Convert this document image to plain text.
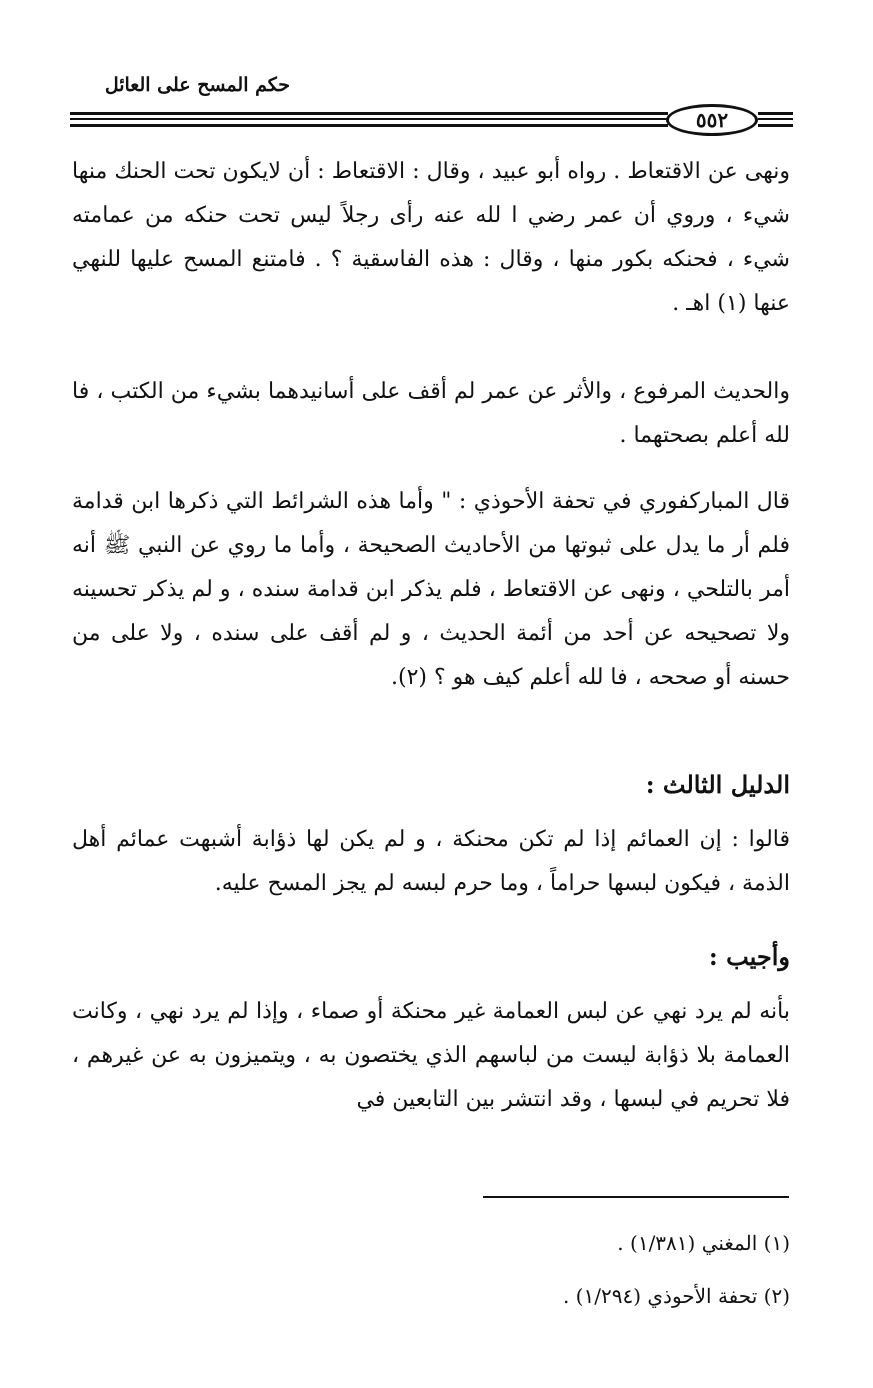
حكم المسح على العائل
٥٥٢

ونهى عن الاقتعاط . رواه أبو عبيد ، وقال : الاقتعاط : أن لايكون تحت الحنك منها شيء ، وروي أن عمر رضي ا لله عنه رأى رجلاً ليس تحت حنكه من عمامته شيء ، فحنكه بكور منها ، وقال : هذه الفاسقية ؟ . فامتنع المسح عليها للنهي عنها (١) اهـ .

والحديث المرفوع ، والأثر عن عمر لم أقف على أسانيدهما بشيء من الكتب ، فا لله أعلم بصحتهما .

قال المباركفوري في تحفة الأحوذي : " وأما هذه الشرائط التي ذكرها ابن قدامة فلم أر ما يدل على ثبوتها من الأحاديث الصحيحة ، وأما ما روي عن النبي ﷺ أنه أمر بالتلحي ، ونهى عن الاقتعاط ، فلم يذكر ابن قدامة سنده ، و لم يذكر تحسينه ولا تصحيحه عن أحد من أئمة الحديث ، و لم أقف على سنده ، ولا على من حسنه أو صححه ، فا لله أعلم كيف هو ؟ (٢).

الدليل الثالث :

قالوا : إن العمائم إذا لم تكن محنكة ، و لم يكن لها ذؤابة أشبهت عمائم أهل الذمة ، فيكون لبسها حراماً ، وما حرم لبسه لم يجز المسح عليه.

وأجيب :

بأنه لم يرد نهي عن لبس العمامة غير محنكة أو صماء ، وإذا لم يرد نهي ، وكانت العمامة بلا ذؤابة ليست من لباسهم الذي يختصون به ، ويتميزون به عن غيرهم ، فلا تحريم في لبسها ، وقد انتشر بين التابعين في

(١) المغني (١/٣٨١) .
(٢) تحفة الأحوذي (١/٢٩٤) .
